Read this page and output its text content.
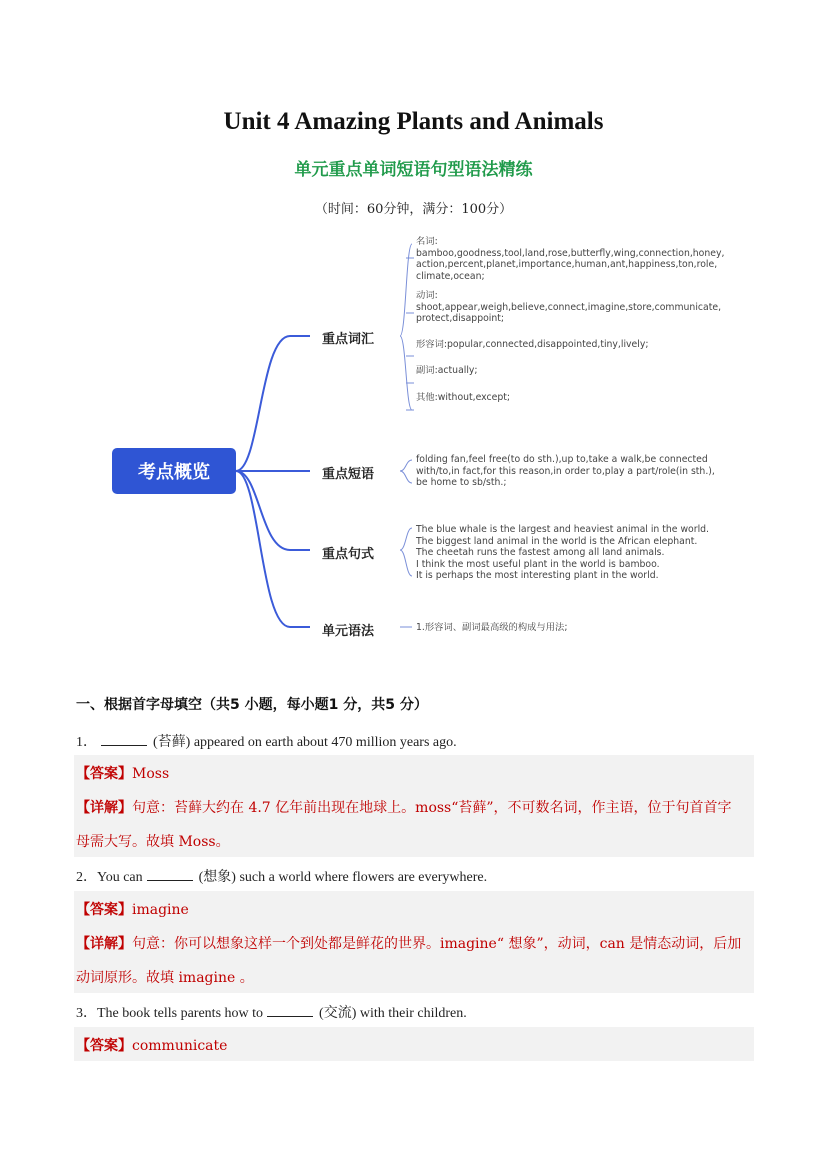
Unit 4 Amazing Plants and Animals
单元重点单词短语句型语法精练
（时间：60分钟，满分：100分）
考点概览
重点词汇
重点短语
重点句式
单元语法
名词:
bamboo,goodness,tool,land,rose,butterfly,wing,connection,honey,
action,percent,planet,importance,human,ant,happiness,ton,role,
climate,ocean;
动词:
shoot,appear,weigh,believe,connect,imagine,store,communicate,
protect,disappoint;
形容词:popular,connected,disappointed,tiny,lively;
副词:actually;
其他:without,except;
folding fan,feel free(to do sth.),up to,take a walk,be connected
with/to,in fact,for this reason,in order to,play a part/role(in sth.),
be home to sb/sth.;
The blue whale is the largest and heaviest animal in the world.
The biggest land animal in the world is the African elephant.
The cheetah runs the fastest among all land animals.
I think the most useful plant in the world is bamboo.
It is perhaps the most interesting plant in the world.
1.形容词、副词最高级的构成与用法;
一、根据首字母填空（共5 小题，每小题1 分，共5 分）
1．	(苔藓) appeared on earth about 470 million years ago.
【答案】Moss
【详解】句意：苔藓大约在 4.7 亿年前出现在地球上。moss“苔藓”，不可数名词，作主语，位于句首首字
母需大写。故填 Moss。
2．You can	(想象) such a world where flowers are everywhere.
【答案】imagine
【详解】句意：你可以想象这样一个到处都是鲜花的世界。imagine“ 想象”，动词，can 是情态动词，后加
动词原形。故填 imagine 。
3．The book tells parents how to	(交流) with their children.
【答案】communicate
